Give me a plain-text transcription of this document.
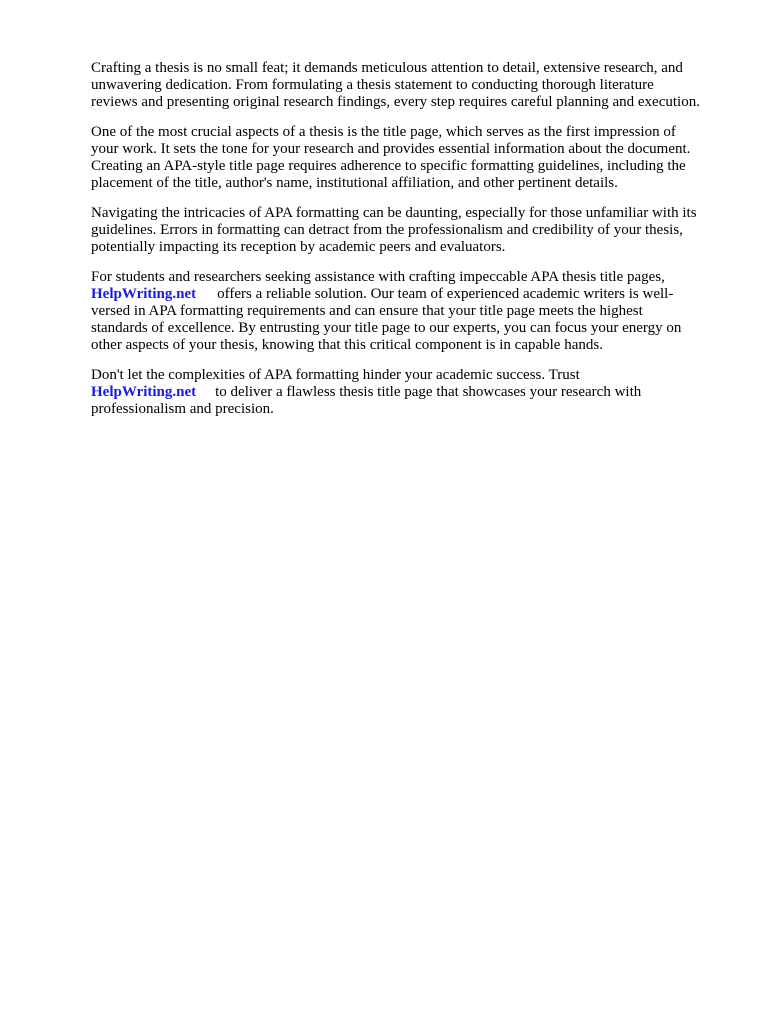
Crafting a thesis is no small feat; it demands meticulous attention to detail, extensive research, and
unwavering dedication. From formulating a thesis statement to conducting thorough literature
reviews and presenting original research findings, every step requires careful planning and execution.

One of the most crucial aspects of a thesis is the title page, which serves as the first impression of
your work. It sets the tone for your research and provides essential information about the document.
Creating an APA-style title page requires adherence to specific formatting guidelines, including the
placement of the title, author's name, institutional affiliation, and other pertinent details.

Navigating the intricacies of APA formatting can be daunting, especially for those unfamiliar with its
guidelines. Errors in formatting can detract from the professionalism and credibility of your thesis,
potentially impacting its reception by academic peers and evaluators.

For students and researchers seeking assistance with crafting impeccable APA thesis title pages,
HelpWriting.net offers a reliable solution. Our team of experienced academic writers is well-
versed in APA formatting requirements and can ensure that your title page meets the highest
standards of excellence. By entrusting your title page to our experts, you can focus your energy on
other aspects of your thesis, knowing that this critical component is in capable hands.

Don't let the complexities of APA formatting hinder your academic success. Trust
HelpWriting.net to deliver a flawless thesis title page that showcases your research with
professionalism and precision.
